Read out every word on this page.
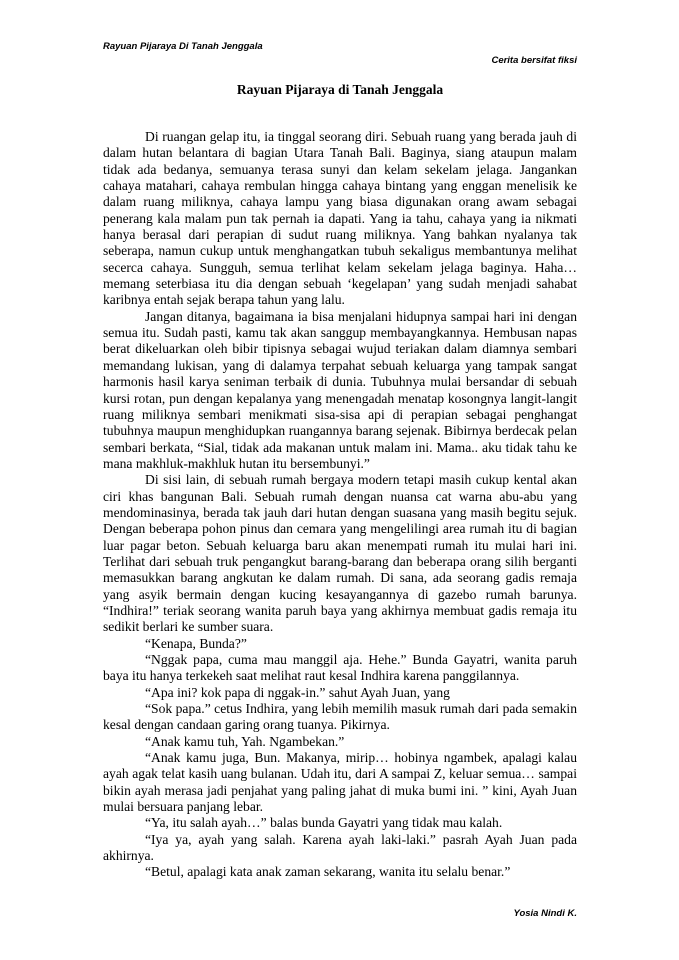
Rayuan Pijaraya Di Tanah Jenggala
Cerita bersifat fiksi
Rayuan Pijaraya di Tanah Jenggala

Di ruangan gelap itu, ia tinggal seorang diri. Sebuah ruang yang berada jauh di dalam hutan belantara di bagian Utara Tanah Bali. Baginya, siang ataupun malam tidak ada bedanya, semuanya terasa sunyi dan kelam sekelam jelaga. Jangankan cahaya matahari, cahaya rembulan hingga cahaya bintang yang enggan menelisik ke dalam ruang miliknya, cahaya lampu yang biasa digunakan orang awam sebagai penerang kala malam pun tak pernah ia dapati. Yang ia tahu, cahaya yang ia nikmati hanya berasal dari perapian di sudut ruang miliknya. Yang bahkan nyalanya tak seberapa, namun cukup untuk menghangatkan tubuh sekaligus membantunya melihat secerca cahaya. Sungguh, semua terlihat kelam sekelam jelaga baginya. Haha… memang seterbiasa itu dia dengan sebuah ‘kegelapan’ yang sudah menjadi sahabat karibnya entah sejak berapa tahun yang lalu.

Jangan ditanya, bagaimana ia bisa menjalani hidupnya sampai hari ini dengan semua itu. Sudah pasti, kamu tak akan sanggup membayangkannya. Hembusan napas berat dikeluarkan oleh bibir tipisnya sebagai wujud teriakan dalam diamnya sembari memandang lukisan, yang di dalamya terpahat sebuah keluarga yang tampak sangat harmonis hasil karya seniman terbaik di dunia. Tubuhnya mulai bersandar di sebuah kursi rotan, pun dengan kepalanya yang menengadah menatap kosongnya langit-langit ruang miliknya sembari menikmati sisa-sisa api di perapian sebagai penghangat tubuhnya maupun menghidupkan ruangannya barang sejenak. Bibirnya berdecak pelan sembari berkata, “Sial, tidak ada makanan untuk malam ini. Mama.. aku tidak tahu ke mana makhluk-makhluk hutan itu bersembunyi.”

Di sisi lain, di sebuah rumah bergaya modern tetapi masih cukup kental akan ciri khas bangunan Bali. Sebuah rumah dengan nuansa cat warna abu-abu yang mendominasinya, berada tak jauh dari hutan dengan suasana yang masih begitu sejuk. Dengan beberapa pohon pinus dan cemara yang mengelilingi area rumah itu di bagian luar pagar beton. Sebuah keluarga baru akan menempati rumah itu mulai hari ini. Terlihat dari sebuah truk pengangkut barang-barang dan beberapa orang silih berganti memasukkan barang angkutan ke dalam rumah. Di sana, ada seorang gadis remaja yang asyik bermain dengan kucing kesayangannya di gazebo rumah barunya. “Indhira!” teriak seorang wanita paruh baya yang akhirnya membuat gadis remaja itu sedikit berlari ke sumber suara.

“Kenapa, Bunda?”

“Nggak papa, cuma mau manggil aja. Hehe.” Bunda Gayatri, wanita paruh baya itu hanya terkekeh saat melihat raut kesal Indhira karena panggilannya.

“Apa ini? kok papa di nggak-in.” sahut Ayah Juan, yang

“Sok papa.” cetus Indhira, yang lebih memilih masuk rumah dari pada semakin kesal dengan candaan garing orang tuanya. Pikirnya.

“Anak kamu tuh, Yah. Ngambekan.”

“Anak kamu juga, Bun. Makanya, mirip… hobinya ngambek, apalagi kalau ayah agak telat kasih uang bulanan. Udah itu, dari A sampai Z, keluar semua… sampai bikin ayah merasa jadi penjahat yang paling jahat di muka bumi ini. ” kini, Ayah Juan mulai bersuara panjang lebar.

“Ya, itu salah ayah…” balas bunda Gayatri yang tidak mau kalah.

“Iya ya, ayah yang salah. Karena ayah laki-laki.” pasrah Ayah Juan pada akhirnya.

“Betul, apalagi kata anak zaman sekarang, wanita itu selalu benar.”

Yosia Nindi K.
